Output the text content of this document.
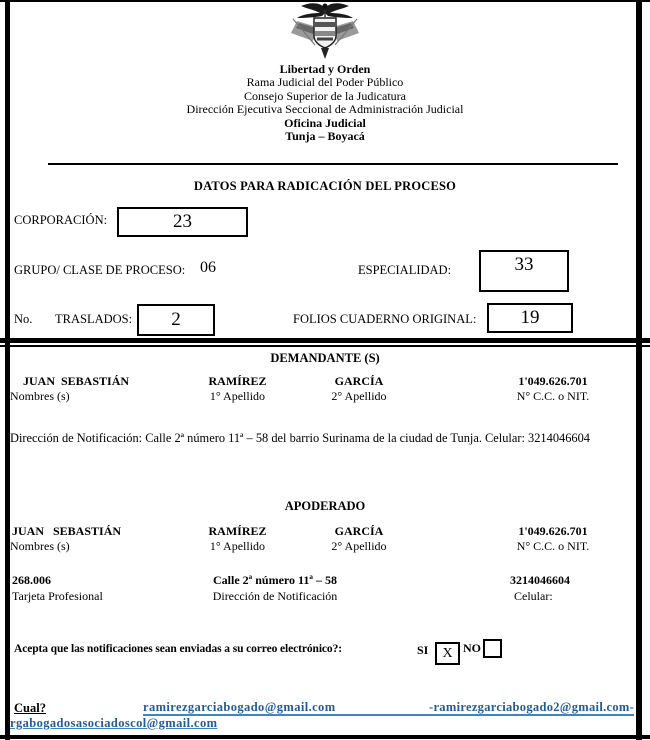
Libertad y Orden
Rama Judicial del Poder Público
Consejo Superior de la Judicatura
Dirección Ejecutiva Seccional de Administración Judicial
Oficina Judicial
Tunja – Boyacá
DATOS PARA RADICACIÓN DEL PROCESO
CORPORACIÓN:	23
GRUPO/ CLASE DE PROCESO: 06	ESPECIALIDAD:	33
No. TRASLADOS: 2	FOLIOS CUADERNO ORIGINAL: 19
DEMANDANTE (S)
JUAN  SEBASTIÁN	RAMÍREZ	GARCÍA	1'049.626.701
Nombres (s)	1° Apellido	2° Apellido	N° C.C. o NIT.
Dirección de Notificación: Calle 2ª número 11ª – 58 del barrio Surinama de la ciudad de Tunja. Celular: 3214046604
APODERADO
JUAN   SEBASTIÁN	RAMÍREZ	GARCÍA	1'049.626.701
Nombres (s)	1° Apellido	2° Apellido	N° C.C. o NIT.
268.006	Calle 2ª número 11ª – 58	3214046604
Tarjeta Profesional	Dirección de Notificación	Celular:
Acepta que las notificaciones sean enviadas a su correo electrónico?:	SI X NO
Cual?	ramirezgarciabogado@gmail.com	-ramirezgarciabogado2@gmail.com-
rgabogadosasociadoscol@gmail.com
